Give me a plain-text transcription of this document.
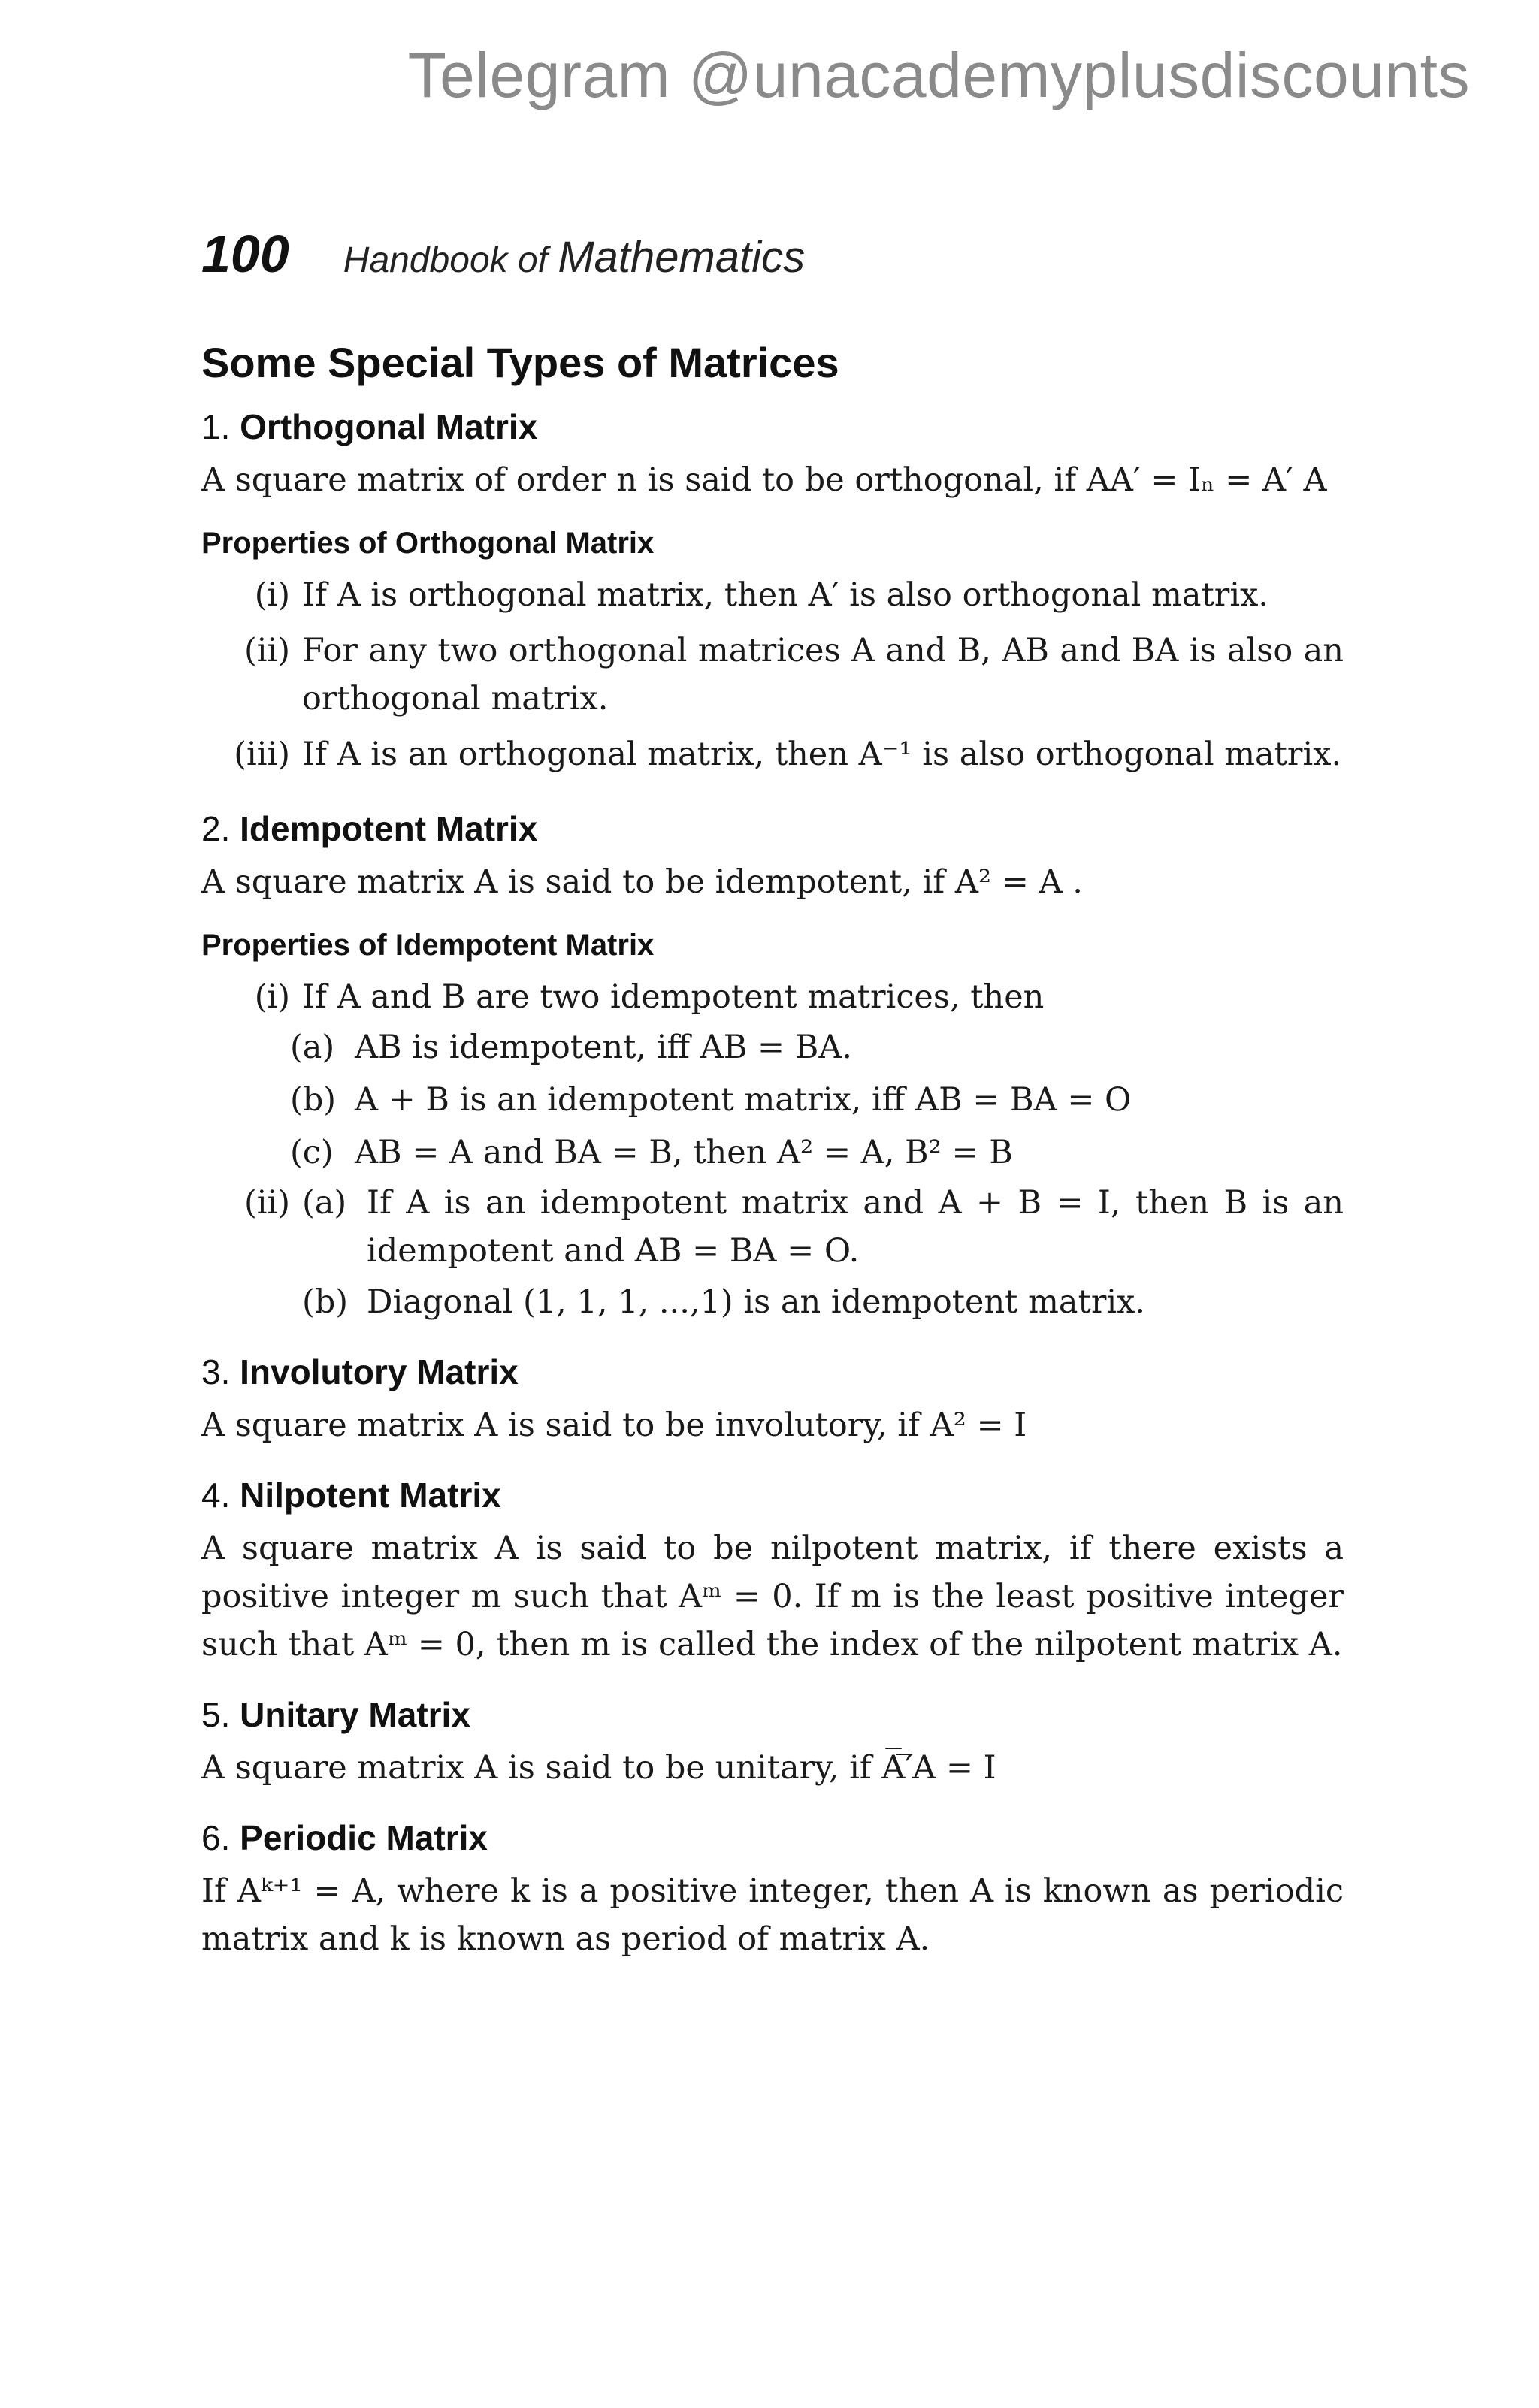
Telegram @unacademyplusdiscounts
100 Handbook of Mathematics
Some Special Types of Matrices
1. Orthogonal Matrix

A square matrix of order n is said to be orthogonal, if AA′ = Iₙ = A′ A

Properties of Orthogonal Matrix
(i) If A is orthogonal matrix, then A′ is also orthogonal matrix.
(ii) For any two orthogonal matrices A and B, AB and BA is also an orthogonal matrix.
(iii) If A is an orthogonal matrix, then A⁻¹ is also orthogonal matrix.
2. Idempotent Matrix

A square matrix A is said to be idempotent, if A² = A .

Properties of Idempotent Matrix
(i) If A and B are two idempotent matrices, then
(a) AB is idempotent, iff AB = BA.
(b) A + B is an idempotent matrix, iff AB = BA = O
(c) AB = A and BA = B, then A² = A, B² = B
(ii) (a) If A is an idempotent matrix and A + B = I, then B is an idempotent and AB = BA = O.
(b) Diagonal (1, 1, 1, ...,1) is an idempotent matrix.
3. Involutory Matrix

A square matrix A is said to be involutory, if A² = I

4. Nilpotent Matrix

A square matrix A is said to be nilpotent matrix, if there exists a positive integer m such that Aᵐ = 0. If m is the least positive integer such that Aᵐ = 0, then m is called the index of the nilpotent matrix A.

5. Unitary Matrix

A square matrix A is said to be unitary, if A̅′̅A = I

6. Periodic Matrix

If Aᵏ⁺¹ = A, where k is a positive integer, then A is known as periodic matrix and k is known as period of matrix A.
